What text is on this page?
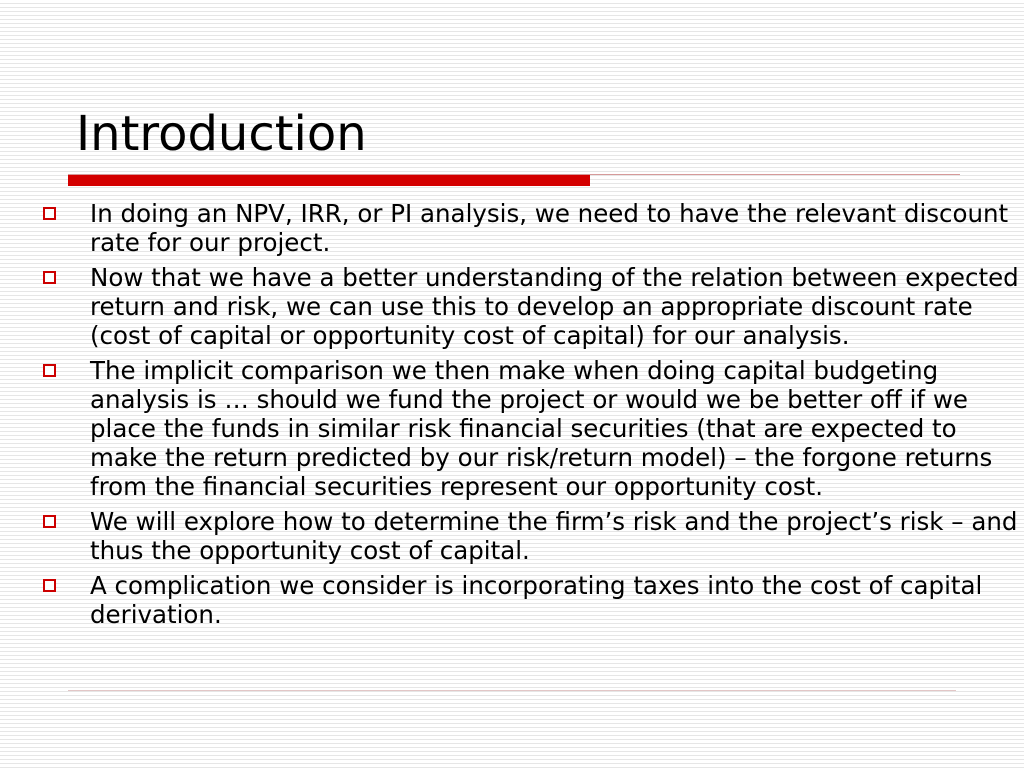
Introduction
In doing an NPV, IRR, or PI analysis, we need to have the relevant discount rate for our project.
Now that we have a better understanding of the relation between expected return and risk, we can use this to develop an appropriate discount rate (cost of capital or opportunity cost of capital) for our analysis.
The implicit comparison we then make when doing capital budgeting analysis is … should we fund the project or would we be better off if we place the funds in similar risk financial securities (that are expected to make the return predicted by our risk/return model) – the forgone returns from the financial securities represent our opportunity cost.
We will explore how to determine the firm’s risk and the project’s risk – and thus the opportunity cost of capital.
A complication we consider is incorporating taxes into the cost of capital derivation.
